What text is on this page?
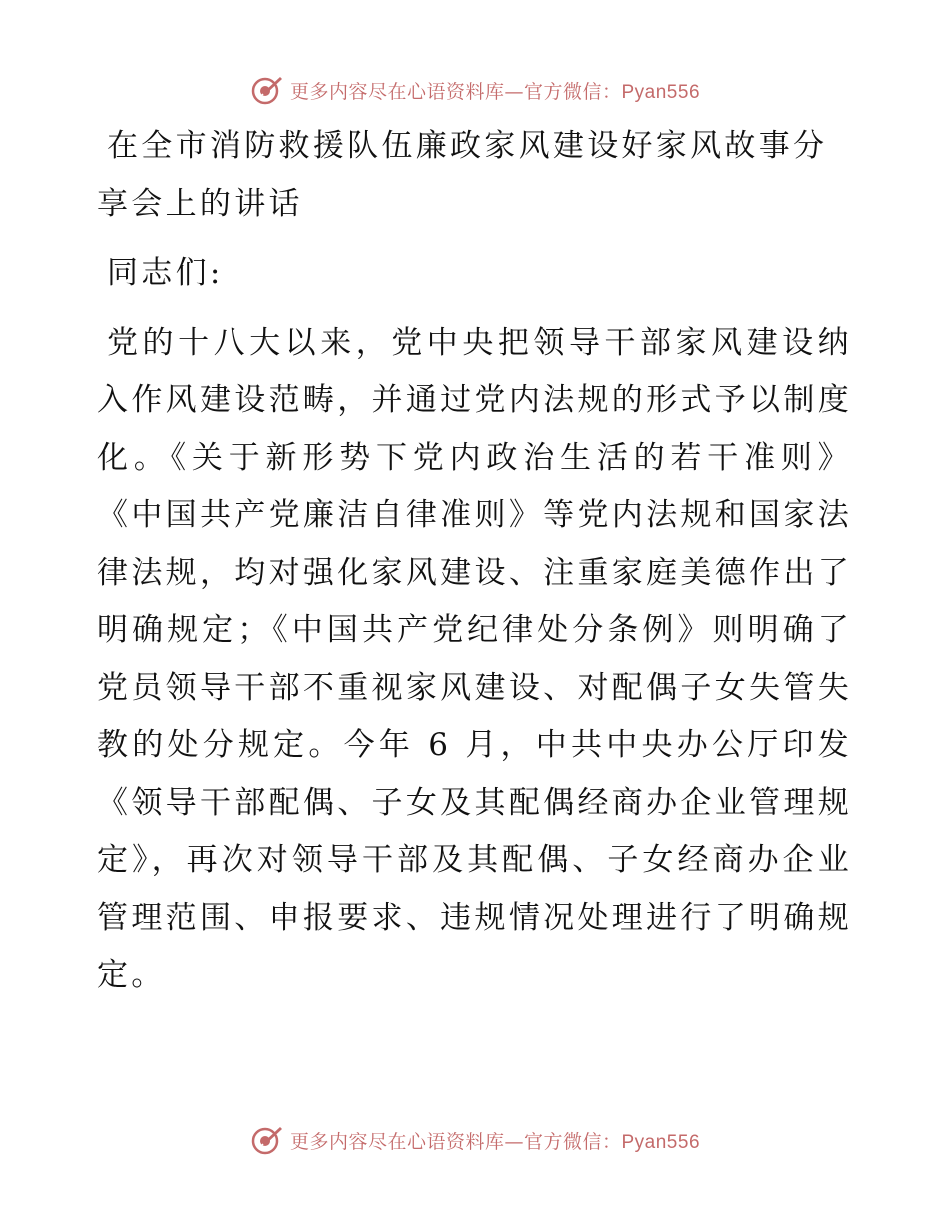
更多内容尽在心语资料库—官方微信：Pyan556
在全市消防救援队伍廉政家风建设好家风故事分享会上的讲话

同志们:

党的十八大以来，党中央把领导干部家风建设纳入作风建设范畴，并通过党内法规的形式予以制度化。《关于新形势下党内政治生活的若干准则》《中国共产党廉洁自律准则》等党内法规和国家法律法规，均对强化家风建设、注重家庭美德作出了明确规定；《中国共产党纪律处分条例》则明确了党员领导干部不重视家风建设、对配偶子女失管失教的处分规定。今年 6 月，中共中央办公厅印发《领导干部配偶、子女及其配偶经商办企业管理规定》，再次对领导干部及其配偶、子女经商办企业管理范围、申报要求、违规情况处理进行了明确规定。

更多内容尽在心语资料库—官方微信：Pyan556
